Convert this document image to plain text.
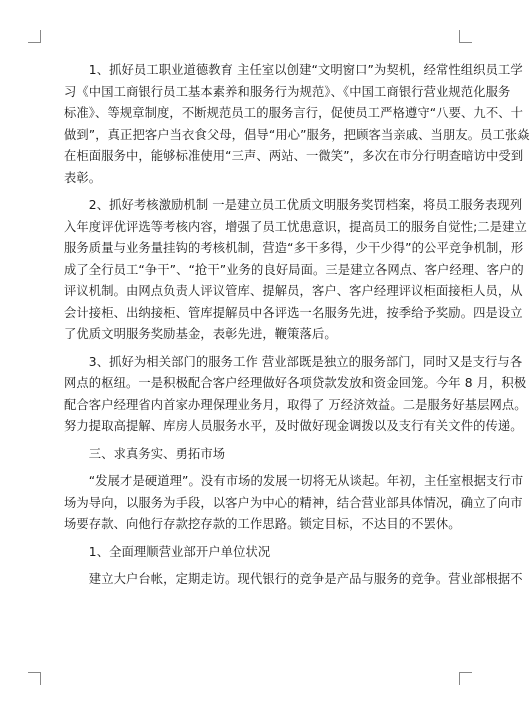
　　1、抓好员工职业道德教育 主任室以创建“文明窗口”为契机，经常性组织员工学
习《中国工商银行员工基本素养和服务行为规范》、《中国工商银行营业规范化服务
标准》、等规章制度，不断规范员工的服务言行，促使员工严格遵守“八要、九不、十
做到”，真正把客户当衣食父母，倡导“用心”服务，把顾客当亲戚、当朋友。员工张焱
在柜面服务中，能够标准使用“三声、两站、一微笑”，多次在市分行明查暗访中受到
表彰。
　　2、抓好考核激励机制 一是建立员工优质文明服务奖罚档案，将员工服务表现列
入年度评优评选等考核内容，增强了员工忧患意识，提高员工的服务自觉性;二是建立
服务质量与业务量挂钩的考核机制，营造“多干多得，少干少得”的公平竞争机制，形
成了全行员工“争干”、“抢干”业务的良好局面。三是建立各网点、客户经理、客户的
评议机制。由网点负责人评议管库、提解员，客户、客户经理评议柜面接柜人员，从
会计接柜、出纳接柜、管库提解员中各评选一名服务先进，按季给予奖励。四是设立
了优质文明服务奖励基金，表彰先进，鞭策落后。
　　3、抓好为相关部门的服务工作 营业部既是独立的服务部门，同时又是支行与各
网点的枢纽。一是积极配合客户经理做好各项贷款发放和资金回笼。今年 8 月，积极
配合客户经理省内首家办理保理业务月，取得了 万经济效益。二是服务好基层网点。
努力提取高提解、库房人员服务水平，及时做好现金调拨以及支行有关文件的传递。
　　三、求真务实、勇拓市场
　　“发展才是硬道理”。没有市场的发展一切将无从谈起。年初，主任室根据支行市
场为导向，以服务为手段，以客户为中心的精神，结合营业部具体情况，确立了向市
场要存款、向他行存款挖存款的工作思路。锁定目标，不达目的不罢休。
　　1、全面理顺营业部开户单位状况
　　建立大户台帐，定期走访。现代银行的竞争是产品与服务的竞争。营业部根据不
